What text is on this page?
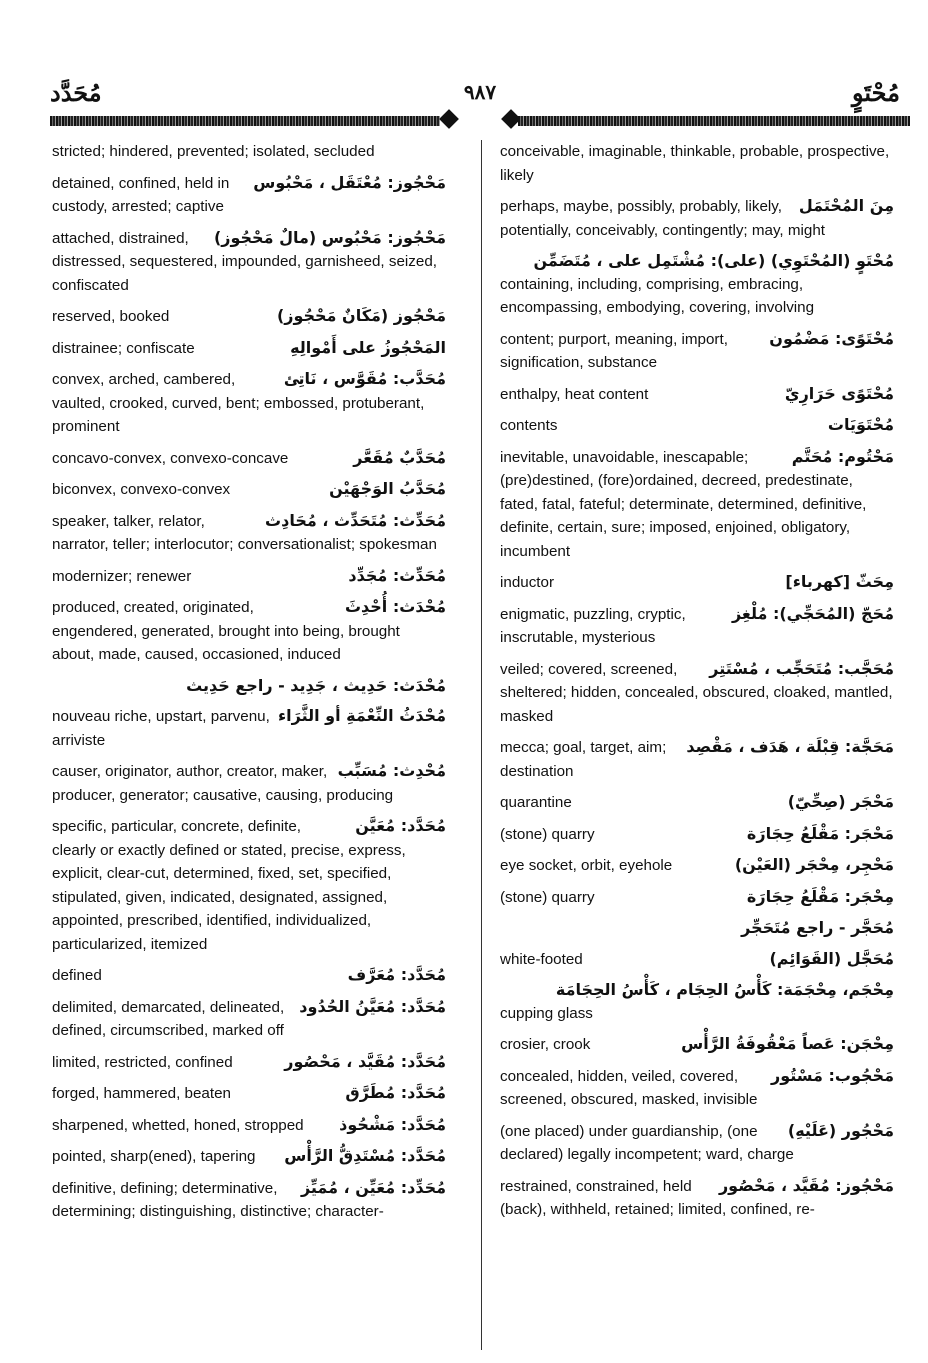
مُحَدَّد	٩٨٧	مُحْتَوٍ
stricted; hindered, prevented; isolated, secluded
مَحْجُوز: مُعْتَقَل ، مَحْبُوس
detained, confined, held in custody, arrested; captive
مَحْجُوز: مَحْبُوس (مالٌ مَحْجُوز)
attached, distrained, distressed, sequestered, impounded, garnisheed, seized, confiscated
مَحْجُوز (مَكَانٌ مَحْجُوز)
reserved, booked
المَحْجُوزُ على أَمْوالِهِ
distrainee; confiscate
مُحَدَّب: مُقَوَّس ، نَاتِئ
convex, arched, cambered, vaulted, crooked, curved, bent; embossed, protuberant, prominent
مُحَدَّبٌ مُقَعَّر
concavo-convex, convexo-concave
مُحَدَّبُ الوَجْهَيْن
biconvex, convexo-convex
مُحَدِّث: مُتَحَدِّث ، مُحَادِث
speaker, talker, relator, narrator, teller; interlocutor; conversationalist; spokesman
مُحَدِّث: مُجَدِّد
modernizer; renewer
مُحْدَث: أُحْدِثَ
produced, created, originated, engendered, generated, brought into being, brought about, made, caused, occasioned, induced
مُحْدَث: حَدِيث ، جَدِيد - راجع حَدِيث
مُحْدَثُ النِّعْمَةِ أو الثَّرَاء
nouveau riche, upstart, parvenu, arriviste
مُحْدِث: مُسَبِّب
causer, originator, author, creator, maker, producer, generator; causative, causing, producing
مُحَدَّد: مُعَيَّن
specific, particular, concrete, definite, clearly or exactly defined or stated, precise, express, explicit, clear-cut, determined, fixed, set, specified, stipulated, given, indicated, designated, assigned, appointed, prescribed, identified, individualized, particularized, itemized
مُحَدَّد: مُعَرَّف
defined
مُحَدَّد: مُعَيَّنُ الحُدُود
delimited, demarcated, delineated, defined, circumscribed, marked off
مُحَدَّد: مُقَيَّد ، مَحْصُور
limited, restricted, confined
مُحَدَّد: مُطَرَّق
forged, hammered, beaten
مُحَدَّد: مَشْحُوذ
sharpened, whetted, honed, stropped
مُحَدَّد: مُسْتَدِقُّ الرَّأْس
pointed, sharp(ened), tapering
مُحَدِّد: مُعَيِّن ، مُمَيِّز
definitive, defining; determinative, determining; distinguishing, distinctive; character-
conceivable, imaginable, thinkable, probable, prospective, likely
مِنَ المُحْتَمَل
perhaps, maybe, possibly, probably, likely, potentially, conceivably, contingently; may, might
مُحْتَوٍ (المُحْتَوِي) (على): مُشْتَمِل على ، مُتَضَمِّن
containing, including, comprising, embracing, encompassing, embodying, covering, involving
مُحْتَوًى: مَضْمُون
content; purport, meaning, import, signification, substance
مُحْتَوًى حَرَارِيّ
enthalpy, heat content
مُحْتَوَيَات
contents
مَحْتُوم: مُحَتَّم
inevitable, unavoidable, inescapable; (pre)destined, (fore)ordained, decreed, predestinate, fated, fatal, fateful; determinate, determined, definitive, definite, certain, sure; imposed, enjoined, obligatory, incumbent
مِحَثّ [كهرباء]
inductor
مُحَجّ (المُحَجِّي): مُلْغِز
enigmatic, puzzling, cryptic, inscrutable, mysterious
مُحَجَّب: مُتَحَجِّب ، مُسْتَتِر
veiled; covered, screened, sheltered; hidden, concealed, obscured, cloaked, mantled, masked
مَحَجَّة: قِبْلَة ، هَدَف ، مَقْصِد
mecca; goal, target, aim; destination
مَحْجَر (صِحِّيّ)
quarantine
مَحْجَر: مَقْلَعُ حِجَارَة
(stone) quarry
مَحْجِر، مِحْجَر (العَيْن)
eye socket, orbit, eyehole
مِحْجَر: مَقْلَعُ حِجَارَة
(stone) quarry
مُحَجَّر - راجع مُتَحَجِّر
مُحَجَّل (القَوَائِم)
white-footed
مِحْجَم، مِحْجَمَة: كَأْسُ الحِجَام ، كَأْسُ الحِجَامَة
cupping glass
مِحْجَن: عَصاً مَعْقُوفَةُ الرَّأْس
crosier, crook
مَحْجُوب: مَسْتُور
concealed, hidden, veiled, covered, screened, obscured, masked, invisible
مَحْجُور (عَلَيْهِ)
(one placed) under guardianship, (one declared) legally incompetent; ward, charge
مَحْجُوز: مُقَيَّد ، مَحْصُور
restrained, constrained, held (back), withheld, retained; limited, confined, re-
